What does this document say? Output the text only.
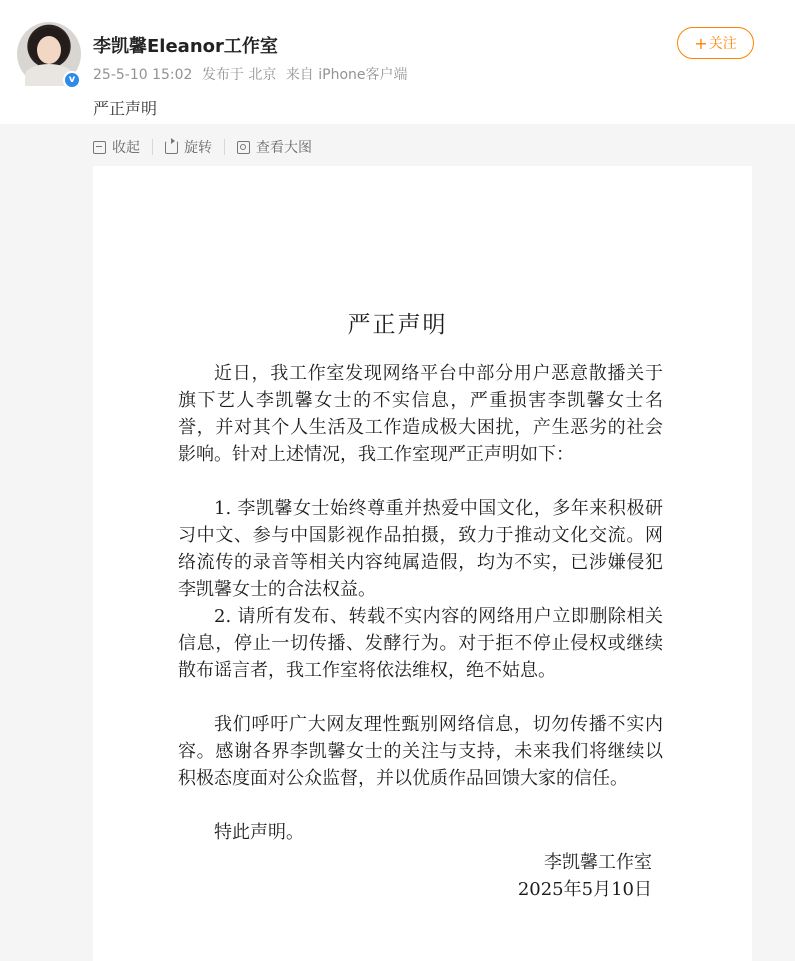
v
李凯馨Eleanor工作室
25-5-10 15:02 发布于 北京 来自 iPhone客户端
严正声明
+ 关注
收起	旋转	查看大图
严正声明

近日，我工作室发现网络平台中部分用户恶意散播关于旗下艺人李凯馨女士的不实信息，严重损害李凯馨女士名誉，并对其个人生活及工作造成极大困扰，产生恶劣的社会影响。针对上述情况，我工作室现严正声明如下：

1. 李凯馨女士始终尊重并热爱中国文化，多年来积极研习中文、参与中国影视作品拍摄，致力于推动文化交流。网络流传的录音等相关内容纯属造假，均为不实，已涉嫌侵犯李凯馨女士的合法权益。

2. 请所有发布、转载不实内容的网络用户立即删除相关信息，停止一切传播、发酵行为。对于拒不停止侵权或继续散布谣言者，我工作室将依法维权，绝不姑息。

我们呼吁广大网友理性甄别网络信息，切勿传播不实内容。感谢各界李凯馨女士的关注与支持，未来我们将继续以积极态度面对公众监督，并以优质作品回馈大家的信任。

特此声明。

李凯馨工作室
2025年5月10日
